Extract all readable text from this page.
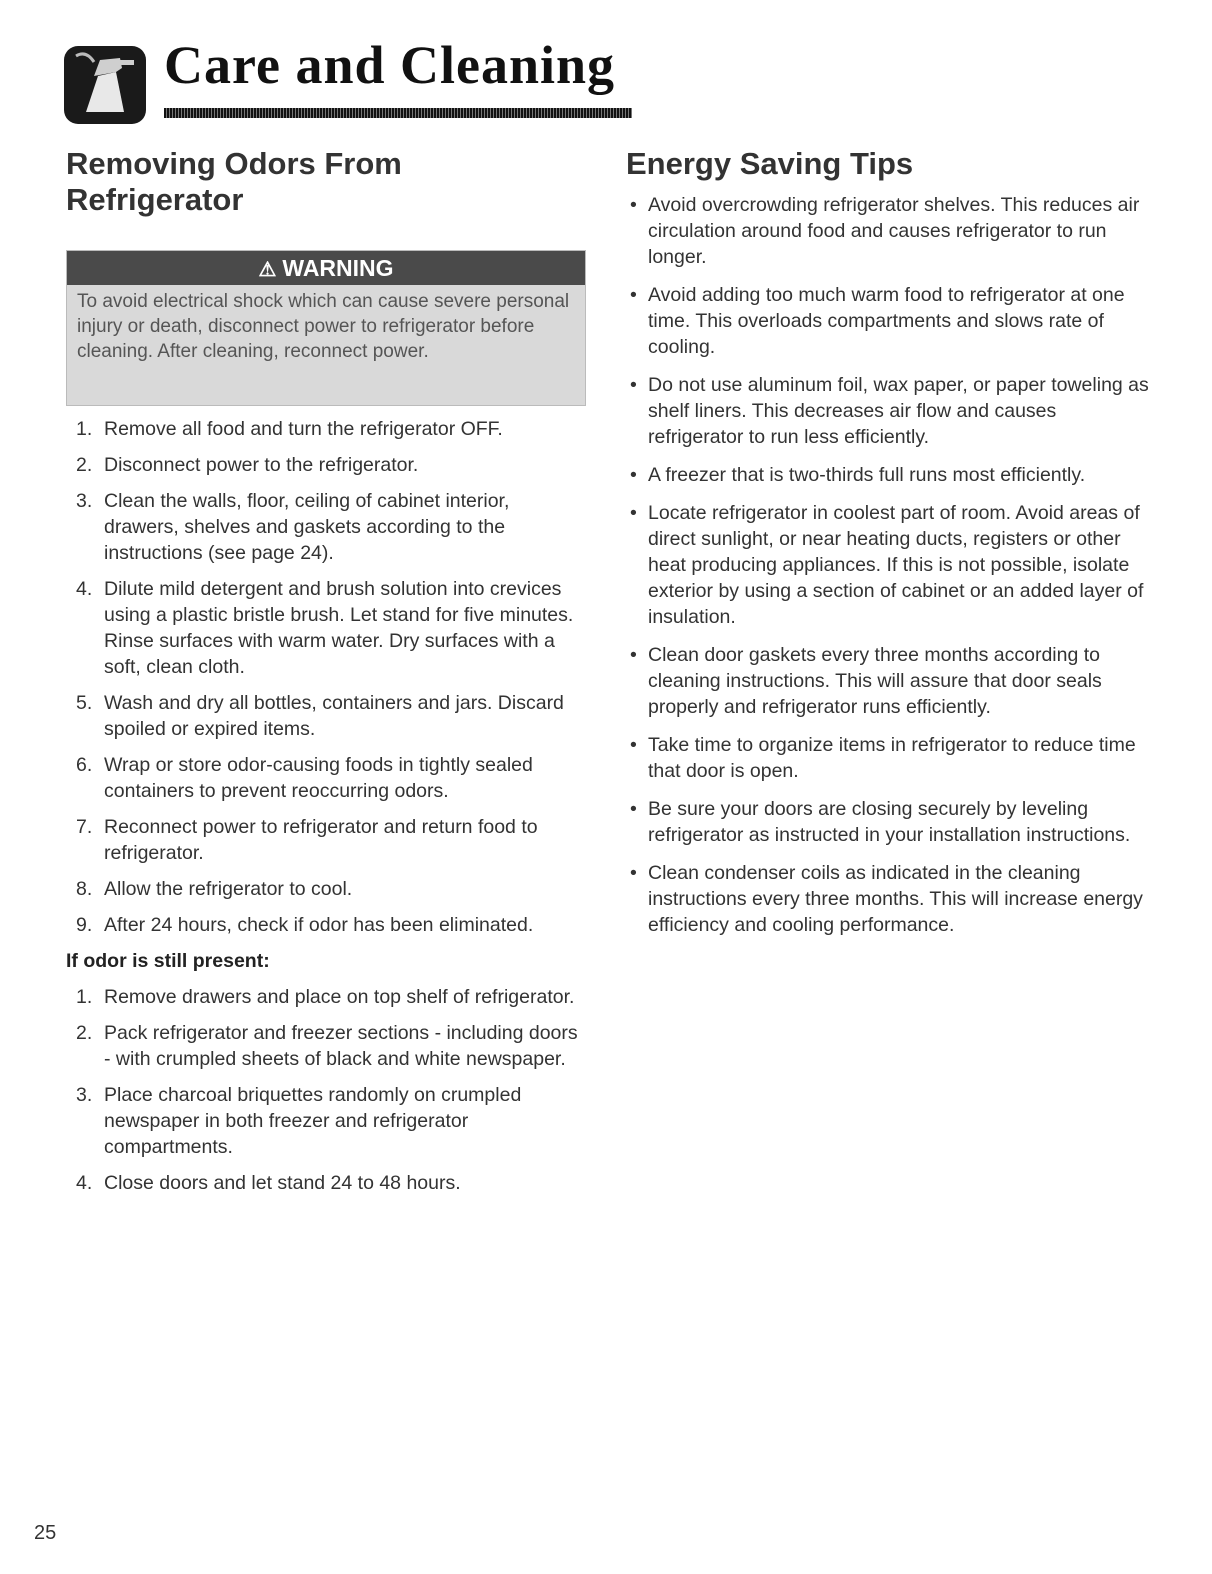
Care and Cleaning
Removing Odors From Refrigerator
⚠ WARNING
To avoid electrical shock which can cause severe personal injury or death, disconnect power to refrigerator before cleaning. After cleaning, reconnect power.
1. Remove all food and turn the refrigerator OFF.
2. Disconnect power to the refrigerator.
3. Clean the walls, floor, ceiling of cabinet interior, drawers, shelves and gaskets according to the instructions (see page 24).
4. Dilute mild detergent and brush solution into crevices using a plastic bristle brush. Let stand for five minutes. Rinse surfaces with warm water. Dry surfaces with a soft, clean cloth.
5. Wash and dry all bottles, containers and jars. Discard spoiled or expired items.
6. Wrap or store odor-causing foods in tightly sealed containers to prevent reoccurring odors.
7. Reconnect power to refrigerator and return food to refrigerator.
8. Allow the refrigerator to cool.
9. After 24 hours, check if odor has been eliminated.
If odor is still present:
1. Remove drawers and place on top shelf of refrigerator.
2. Pack refrigerator and freezer sections - including doors - with crumpled sheets of black and white newspaper.
3. Place charcoal briquettes randomly on crumpled newspaper in both freezer and refrigerator compartments.
4. Close doors and let stand 24 to 48 hours.
Energy Saving Tips
• Avoid overcrowding refrigerator shelves. This reduces air circulation around food and causes refrigerator to run longer.
• Avoid adding too much warm food to refrigerator at one time. This overloads compartments and slows rate of cooling.
• Do not use aluminum foil, wax paper, or paper toweling as shelf liners. This decreases air flow and causes refrigerator to run less efficiently.
• A freezer that is two-thirds full runs most efficiently.
• Locate refrigerator in coolest part of room. Avoid areas of direct sunlight, or near heating ducts, registers or other heat producing appliances. If this is not possible, isolate exterior by using a section of cabinet or an added layer of insulation.
• Clean door gaskets every three months according to cleaning instructions. This will assure that door seals properly and refrigerator runs efficiently.
• Take time to organize items in refrigerator to reduce time that door is open.
• Be sure your doors are closing securely by leveling refrigerator as instructed in your installation instructions.
• Clean condenser coils as indicated in the cleaning instructions every three months. This will increase energy efficiency and cooling performance.
25
